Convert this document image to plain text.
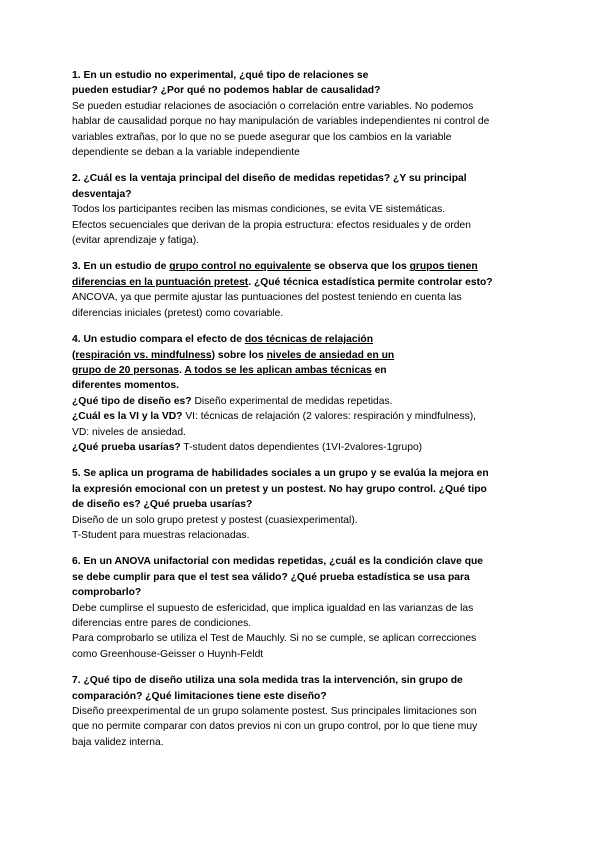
1. En un estudio no experimental, ¿qué tipo de relaciones se

pueden estudiar? ¿Por qué no podemos hablar de causalidad?

Se pueden estudiar relaciones de asociación o correlación entre variables. No podemos

hablar de causalidad porque no hay manipulación de variables independientes ni control de

variables extrañas, por lo que no se puede asegurar que los cambios en la variable

dependiente se deban a la variable independiente

2. ¿Cuál es la ventaja principal del diseño de medidas repetidas? ¿Y su principal

desventaja?

Todos los participantes reciben las mismas condiciones, se evita VE sistemáticas.

Efectos secuenciales que derivan de la propia estructura: efectos residuales y de orden

(evitar aprendizaje y fatiga).

3. En un estudio de grupo control no equivalente se observa que los grupos tienen

diferencias en la puntuación pretest. ¿Qué técnica estadística permite controlar esto?

ANCOVA, ya que permite ajustar las puntuaciones del postest teniendo en cuenta las

diferencias iniciales (pretest) como covariable.

4. Un estudio compara el efecto de dos técnicas de relajación

(respiración vs. mindfulness) sobre los niveles de ansiedad en un

grupo de 20 personas. A todos se les aplican ambas técnicas en

diferentes momentos.

¿Qué tipo de diseño es? Diseño experimental de medidas repetidas.

¿Cuál es la VI y la VD? VI: técnicas de relajación (2 valores: respiración y mindfulness),

VD: niveles de ansiedad.

¿Qué prueba usarías? T-student datos dependientes (1VI-2valores-1grupo)

5. Se aplica un programa de habilidades sociales a un grupo y se evalúa la mejora en

la expresión emocional con un pretest y un postest. No hay grupo control. ¿Qué tipo

de diseño es? ¿Qué prueba usarías?

Diseño de un solo grupo pretest y postest (cuasiexperimental).

T-Student para muestras relacionadas.

6. En un ANOVA unifactorial con medidas repetidas, ¿cuál es la condición clave que

se debe cumplir para que el test sea válido? ¿Qué prueba estadística se usa para

comprobarlo?

Debe cumplirse el supuesto de esfericidad, que implica igualdad en las varianzas de las

diferencias entre pares de condiciones.

Para comprobarlo se utiliza el Test de Mauchly. Si no se cumple, se aplican correcciones

como Greenhouse-Geisser o Huynh-Feldt

7. ¿Qué tipo de diseño utiliza una sola medida tras la intervención, sin grupo de

comparación? ¿Qué limitaciones tiene este diseño?

Diseño preexperimental de un grupo solamente postest. Sus principales limitaciones son

que no permite comparar con datos previos ni con un grupo control, por lo que tiene muy

baja validez interna.
